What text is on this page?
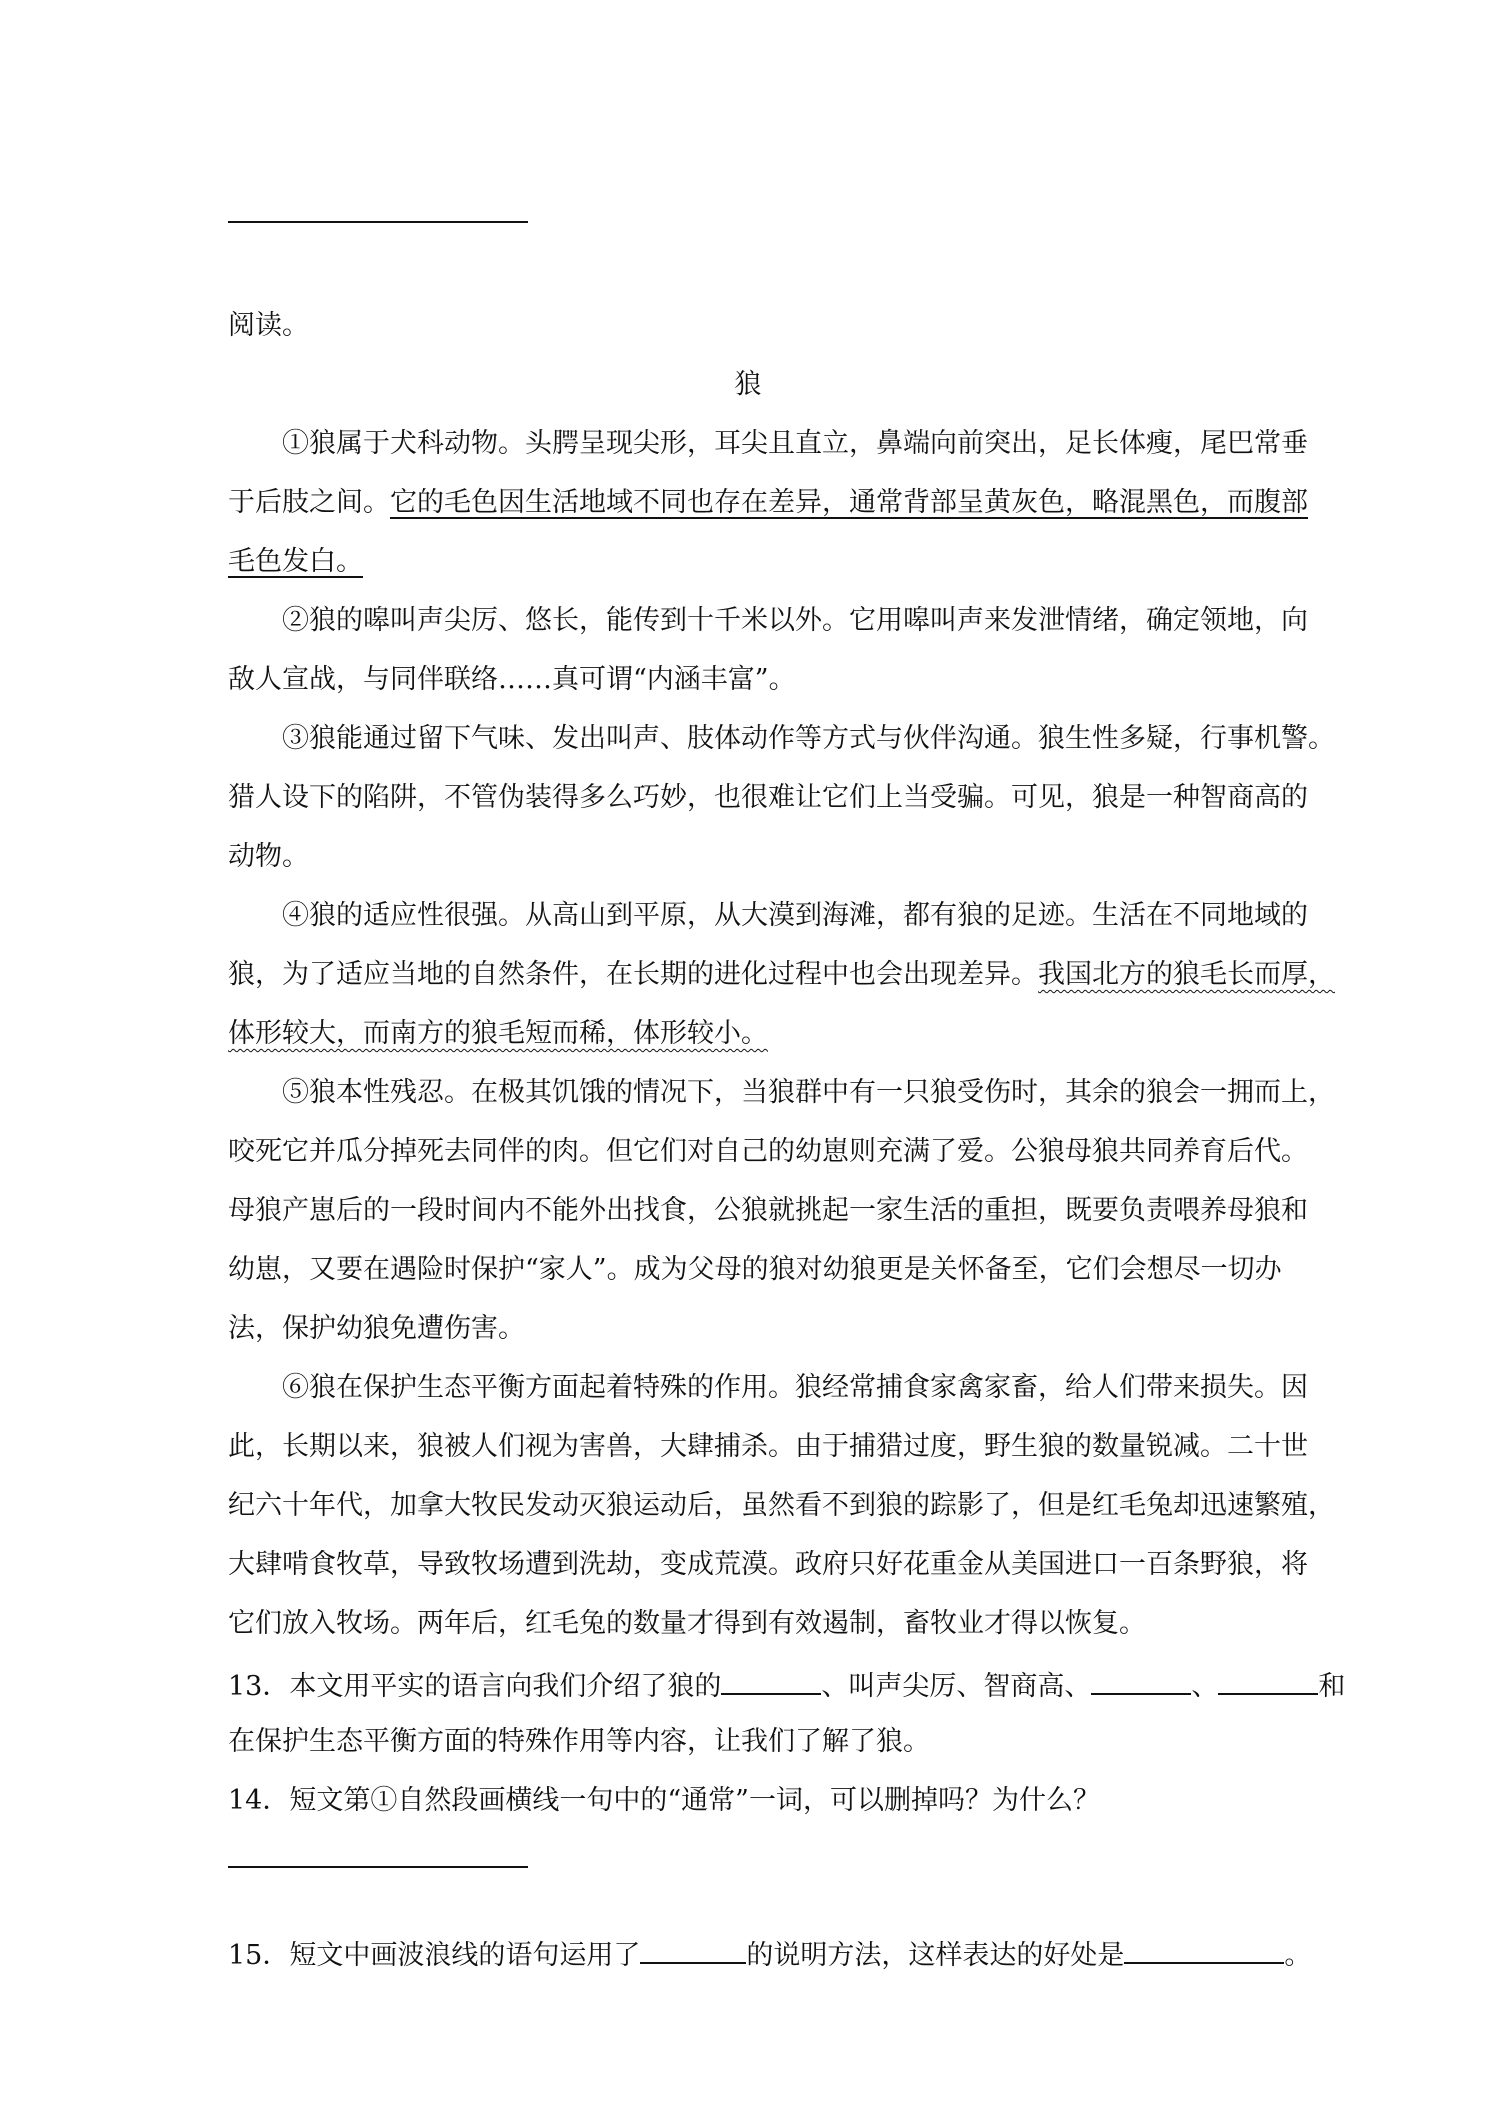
阅读。
狼
①狼属于犬科动物。头腭呈现尖形，耳尖且直立，鼻端向前突出，足长体瘦，尾巴常垂
于后肢之间。它的毛色因生活地域不同也存在差异，通常背部呈黄灰色，略混黑色，而腹部
毛色发白。
②狼的嗥叫声尖厉、悠长，能传到十千米以外。它用嗥叫声来发泄情绪，确定领地，向
敌人宣战，与同伴联络……真可谓“内涵丰富”。
③狼能通过留下气味、发出叫声、肢体动作等方式与伙伴沟通。狼生性多疑，行事机警。
猎人设下的陷阱，不管伪装得多么巧妙，也很难让它们上当受骗。可见，狼是一种智商高的
动物。
④狼的适应性很强。从高山到平原，从大漠到海滩，都有狼的足迹。生活在不同地域的
狼，为了适应当地的自然条件，在长期的进化过程中也会出现差异。我国北方的狼毛长而厚，
体形较大，而南方的狼毛短而稀，体形较小。
⑤狼本性残忍。在极其饥饿的情况下，当狼群中有一只狼受伤时，其余的狼会一拥而上，
咬死它并瓜分掉死去同伴的肉。但它们对自己的幼崽则充满了爱。公狼母狼共同养育后代。
母狼产崽后的一段时间内不能外出找食，公狼就挑起一家生活的重担，既要负责喂养母狼和
幼崽，又要在遇险时保护“家人”。成为父母的狼对幼狼更是关怀备至，它们会想尽一切办
法，保护幼狼免遭伤害。
⑥狼在保护生态平衡方面起着特殊的作用。狼经常捕食家禽家畜，给人们带来损失。因
此，长期以来，狼被人们视为害兽，大肆捕杀。由于捕猎过度，野生狼的数量锐减。二十世
纪六十年代，加拿大牧民发动灭狼运动后，虽然看不到狼的踪影了，但是红毛兔却迅速繁殖，
大肆啃食牧草，导致牧场遭到洗劫，变成荒漠。政府只好花重金从美国进口一百条野狼，将
它们放入牧场。两年后，红毛兔的数量才得到有效遏制，畜牧业才得以恢复。
13．本文用平实的语言向我们介绍了狼的	、叫声尖厉、智商高、	、	和
在保护生态平衡方面的特殊作用等内容，让我们了解了狼。
14．短文第①自然段画横线一句中的“通常”一词，可以删掉吗？为什么？
15．短文中画波浪线的语句运用了	的说明方法，这样表达的好处是	。
